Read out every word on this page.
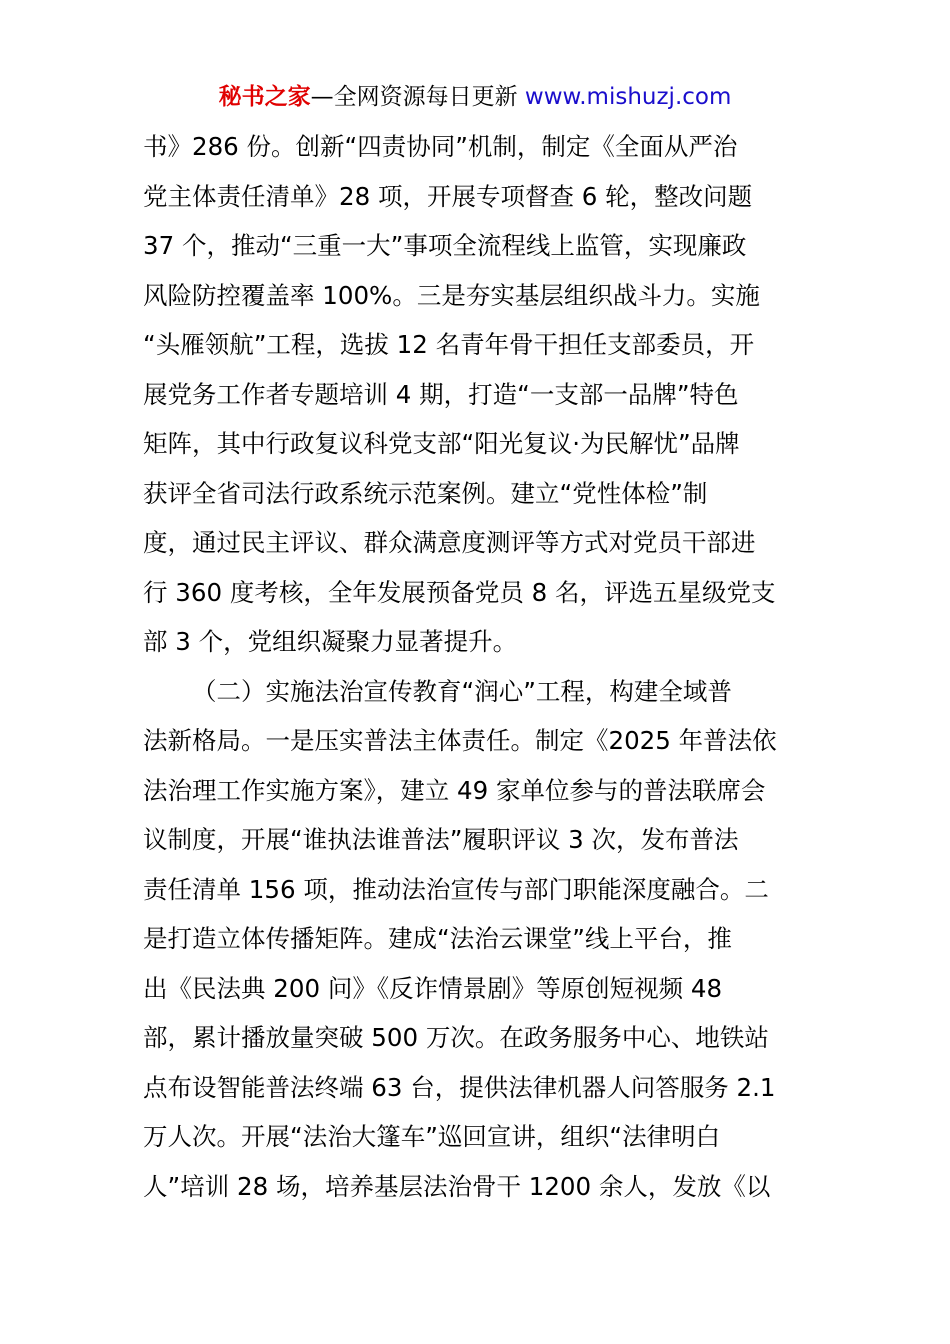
秘书之家—全网资源每日更新 www.mishuzj.com
书》286 份。创新“四责协同”机制，制定《全面从严治
党主体责任清单》28 项，开展专项督查 6 轮，整改问题
37 个，推动“三重一大”事项全流程线上监管，实现廉政
风险防控覆盖率 100%。三是夯实基层组织战斗力。实施
“头雁领航”工程，选拔 12 名青年骨干担任支部委员，开
展党务工作者专题培训 4 期，打造“一支部一品牌”特色
矩阵，其中行政复议科党支部“阳光复议·为民解忧”品牌
获评全省司法行政系统示范案例。建立“党性体检”制
度，通过民主评议、群众满意度测评等方式对党员干部进
行 360 度考核，全年发展预备党员 8 名，评选五星级党支
部 3 个，党组织凝聚力显著提升。
（二）实施法治宣传教育“润心”工程，构建全域普
法新格局。一是压实普法主体责任。制定《2025 年普法依
法治理工作实施方案》，建立 49 家单位参与的普法联席会
议制度，开展“谁执法谁普法”履职评议 3 次，发布普法
责任清单 156 项，推动法治宣传与部门职能深度融合。二
是打造立体传播矩阵。建成“法治云课堂”线上平台，推
出《民法典 200 问》《反诈情景剧》等原创短视频 48
部，累计播放量突破 500 万次。在政务服务中心、地铁站
点布设智能普法终端 63 台，提供法律机器人问答服务 2.1
万人次。开展“法治大篷车”巡回宣讲，组织“法律明白
人”培训 28 场，培养基层法治骨干 1200 余人，发放《以
